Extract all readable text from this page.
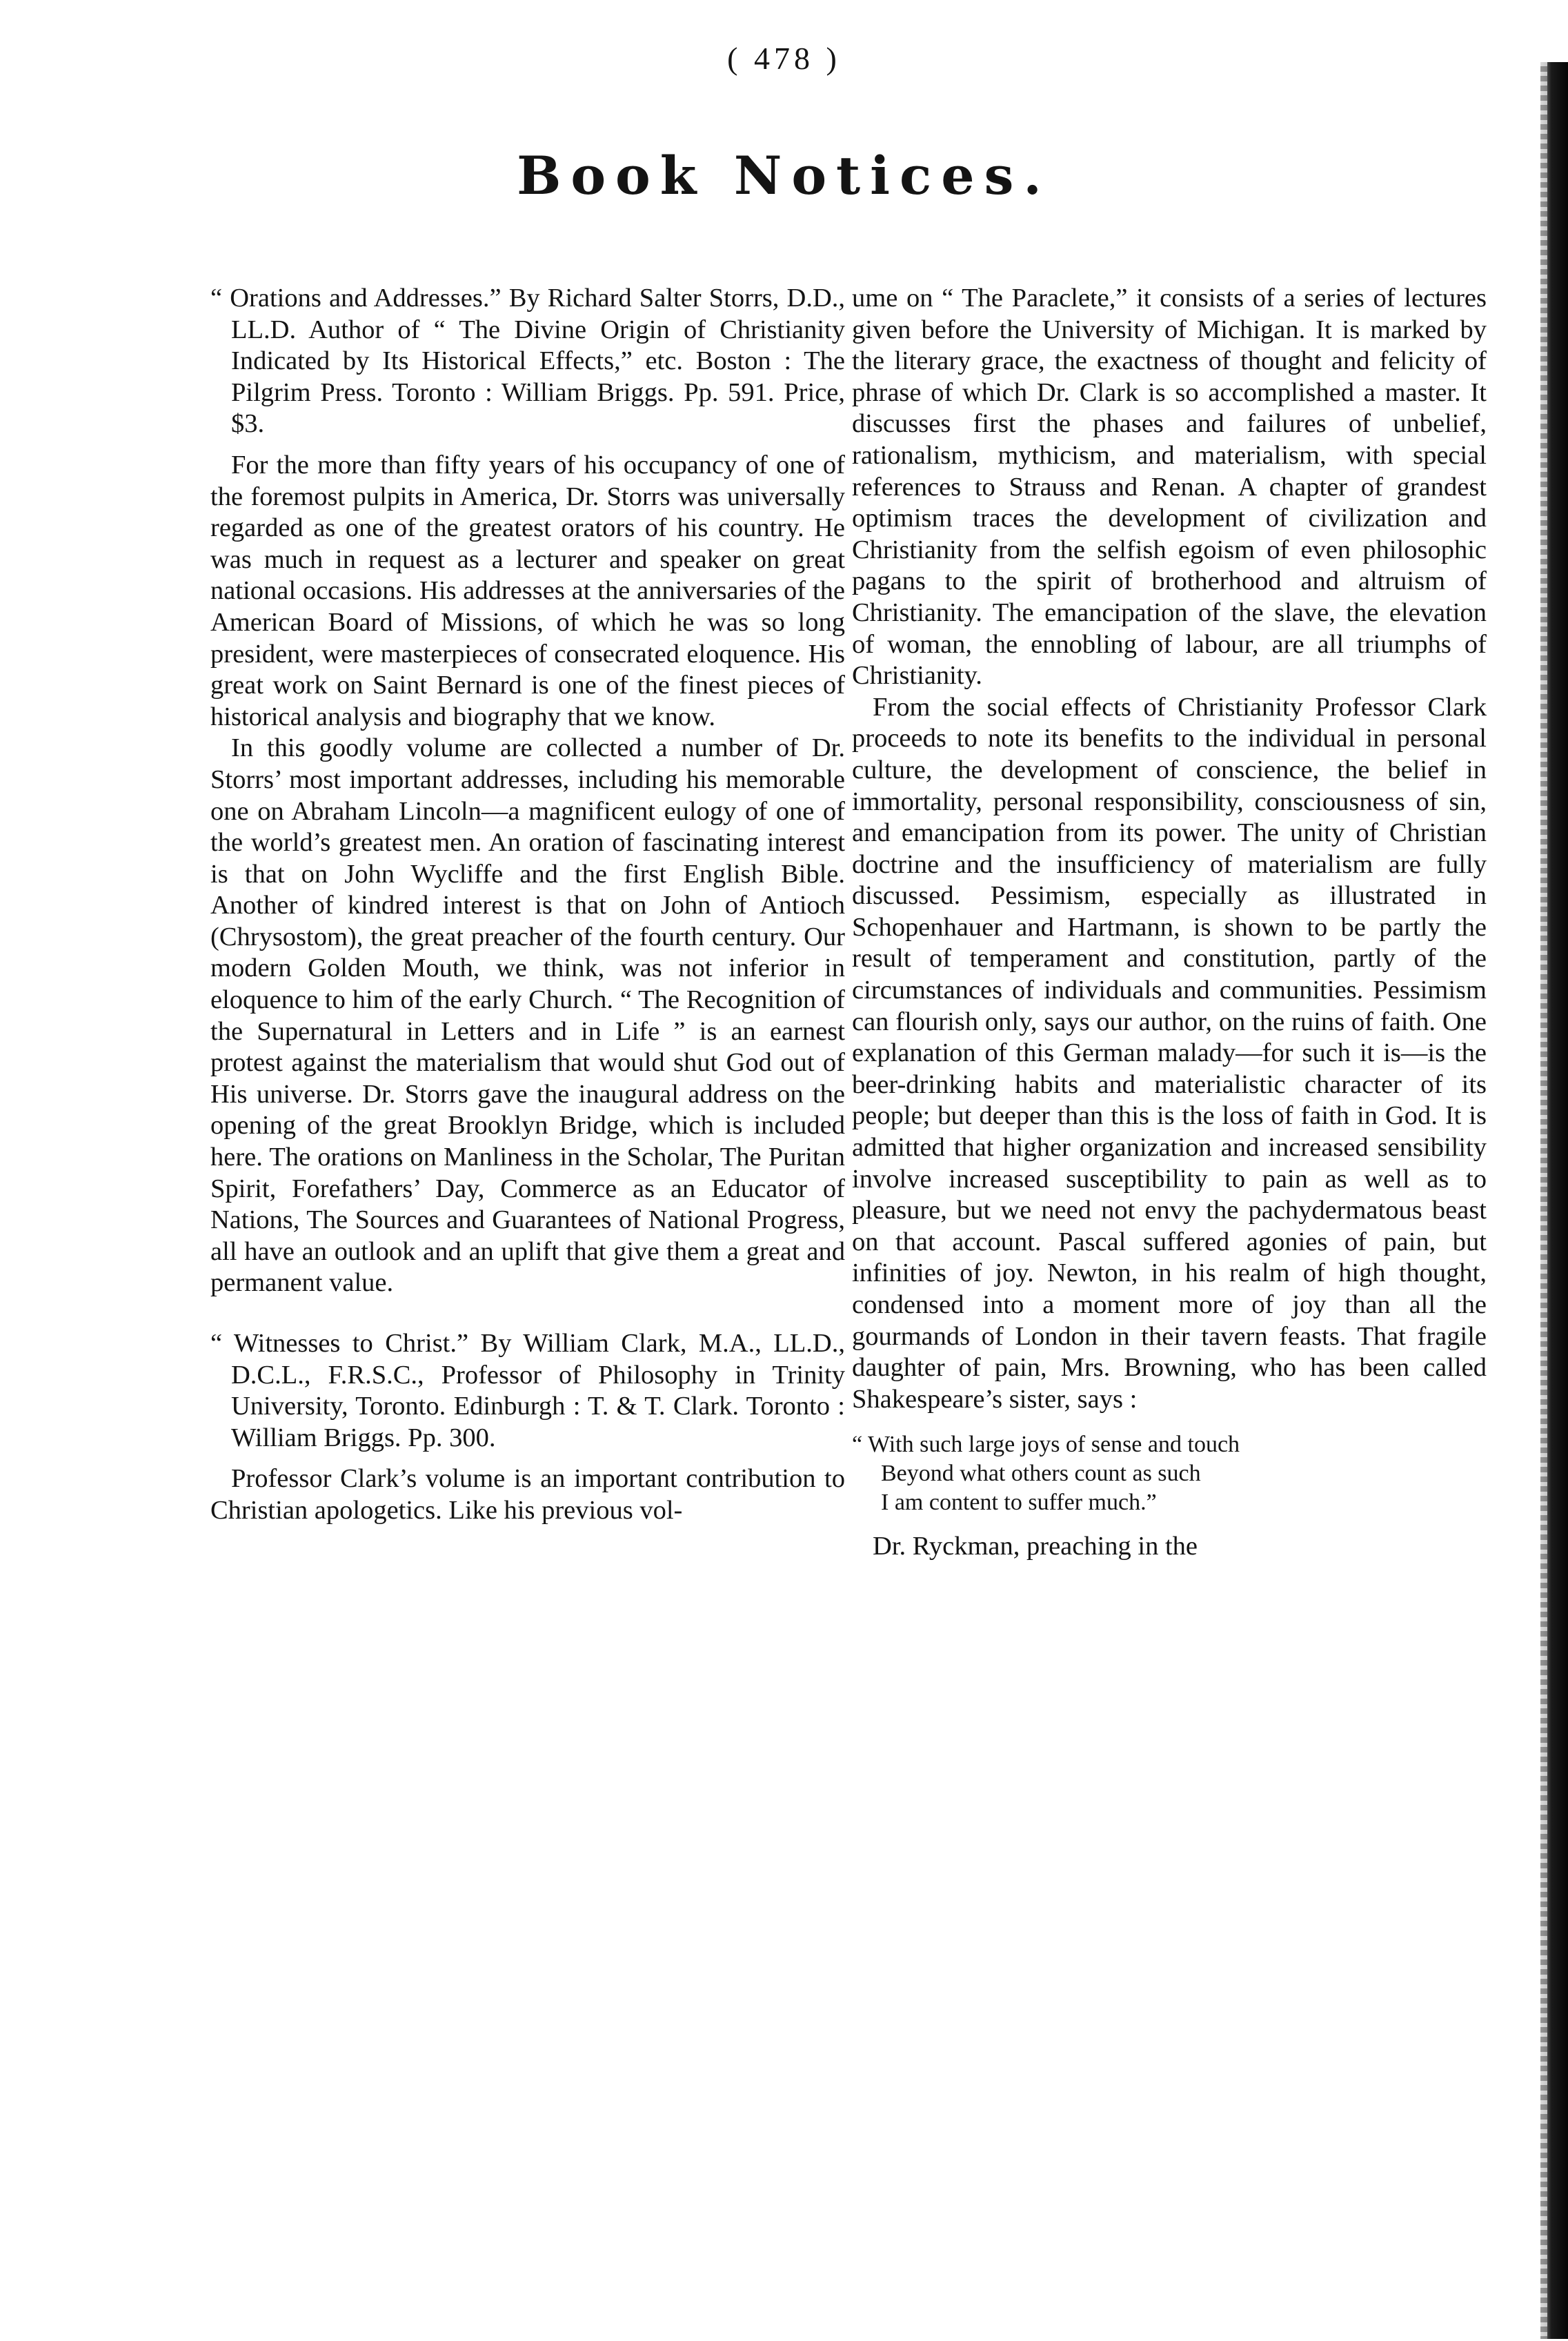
( 478 )
Book Notices.

“ Orations and Addresses.” By Richard Salter Storrs, D.D., LL.D. Author of “ The Divine Origin of Christianity Indicated by Its Historical Effects,” etc. Boston : The Pilgrim Press. Toronto : William Briggs. Pp. 591. Price, $3.

For the more than fifty years of his occupancy of one of the foremost pulpits in America, Dr. Storrs was universally regarded as one of the greatest orators of his country. He was much in request as a lecturer and speaker on great national occasions. His addresses at the anniversaries of the American Board of Missions, of which he was so long president, were masterpieces of consecrated eloquence. His great work on Saint Bernard is one of the finest pieces of historical analysis and biography that we know.

In this goodly volume are collected a number of Dr. Storrs’ most important addresses, including his memorable one on Abraham Lincoln—a magnificent eulogy of one of the world’s greatest men. An oration of fascinating interest is that on John Wycliffe and the first English Bible. Another of kindred interest is that on John of Antioch (Chrysostom), the great preacher of the fourth century. Our modern Golden Mouth, we think, was not inferior in eloquence to him of the early Church. “ The Recognition of the Supernatural in Letters and in Life ” is an earnest protest against the materialism that would shut God out of His universe. Dr. Storrs gave the inaugural address on the opening of the great Brooklyn Bridge, which is included here. The orations on Manliness in the Scholar, The Puritan Spirit, Forefathers’ Day, Commerce as an Educator of Nations, The Sources and Guarantees of National Progress, all have an outlook and an uplift that give them a great and permanent value.

“ Witnesses to Christ.” By William Clark, M.A., LL.D., D.C.L., F.R.S.C., Professor of Philosophy in Trinity University, Toronto. Edinburgh : T. & T. Clark. Toronto : William Briggs. Pp. 300.

Professor Clark’s volume is an important contribution to Christian apologetics. Like his previous vol-

ume on “ The Paraclete,” it consists of a series of lectures given before the University of Michigan. It is marked by the literary grace, the exactness of thought and felicity of phrase of which Dr. Clark is so accomplished a master. It discusses first the phases and failures of unbelief, rationalism, mythicism, and materialism, with special references to Strauss and Renan. A chapter of grandest optimism traces the development of civilization and Christianity from the selfish egoism of even philosophic pagans to the spirit of brotherhood and altruism of Christianity. The emancipation of the slave, the elevation of woman, the ennobling of labour, are all triumphs of Christianity.

From the social effects of Christianity Professor Clark proceeds to note its benefits to the individual in personal culture, the development of conscience, the belief in immortality, personal responsibility, consciousness of sin, and emancipation from its power. The unity of Christian doctrine and the insufficiency of materialism are fully discussed. Pessimism, especially as illustrated in Schopenhauer and Hartmann, is shown to be partly the result of temperament and constitution, partly of the circumstances of individuals and communities. Pessimism can flourish only, says our author, on the ruins of faith. One explanation of this German malady—for such it is—is the beer-drinking habits and materialistic character of its people; but deeper than this is the loss of faith in God. It is admitted that higher organization and increased sensibility involve increased susceptibility to pain as well as to pleasure, but we need not envy the pachydermatous beast on that account. Pascal suffered agonies of pain, but infinities of joy. Newton, in his realm of high thought, condensed into a moment more of joy than all the gourmands of London in their tavern feasts. That fragile daughter of pain, Mrs. Browning, who has been called Shakespeare’s sister, says :

“ With such large joys of sense and touch
Beyond what others count as such
I am content to suffer much.”

Dr. Ryckman, preaching in the
